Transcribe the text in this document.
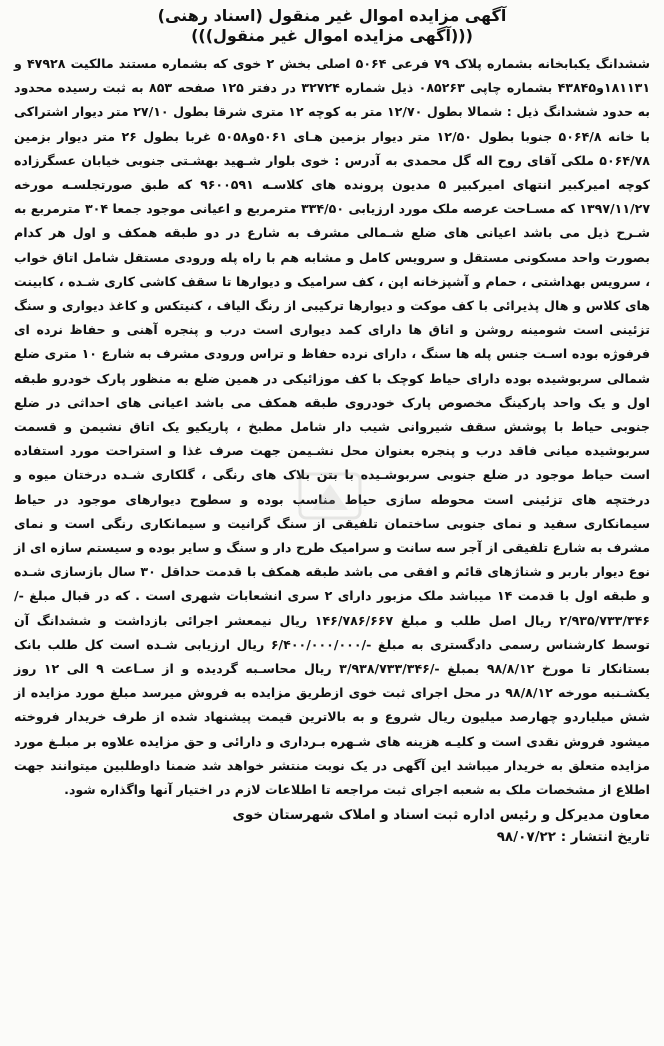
آگهی مزایده اموال غیر منقول (اسناد رهنی)
(((آگهی مزایده اموال غیر منقول)))

ششدانگ یکبابخانه بشماره پلاک ۷۹ فرعی ۵۰۶۴ اصلی بخش ۲ خوی که بشماره مستند مالکیت ۴۷۹۲۸ و ۱۸۱۱۳۱و۴۳۸۴۵ بشماره چاپی ۰۸۵۲۶۳ ذیل شماره ۳۲۷۲۴ در دفتر ۱۲۵ صفحه ۸۵۳ به ثبت رسیده محدود به حدود ششدانگ ذیل : شمالا بطول ۱۲/۷۰ متر به کوچه ۱۲ متری شرقا بطول ۲۷/۱۰ متر دیوار اشتراکی با خانه ۵۰۶۴/۸ جنوبا بطول ۱۲/۵۰ متر دیوار بزمین هـای ۵۰۶۱و۵۰۵۸ غربا بطول ۲۶ متر دیوار بزمین ۵۰۶۴/۷۸ ملکی آقای روح اله گل محمدی به آدرس : خوی بلوار شـهید بهشـتی جنوبی خیابان عسگرزاده کوچه امیرکبیر انتهای امیرکبیر ۵ مدیون پرونده های کلاسـه ۹۶۰۰۵۹۱ که طبق صورتجلسـه مورخه ۱۳۹۷/۱۱/۲۷ که مسـاحت عرصه ملک مورد ارزیابی ۳۳۴/۵۰ مترمربع و اعیانی موجود جمعا ۳۰۴ مترمربع به شـرح ذیل می باشد اعیانی های ضلع شـمالی مشرف به شارع در دو طبقه همکف و اول هر کدام بصورت واحد مسکونی مستقل و سرویس کامل و مشابه هم با راه پله ورودی مستقل شامل اتاق خواب ، سرویس بهداشتی ، حمام و آشپزخانه اپن ، کف سرامیک و دیوارها تا سقف کاشی کاری شـده ، کابینت های کلاس و هال پذیرائی با کف موکت و دیوارها ترکیبی از رنگ الیاف ، کنیتکس و کاغذ دیواری و سنگ تزئینی است شومینه روشن و اتاق ها دارای کمد دیواری است درب و پنجره آهنی و حفاظ نرده ای فرفوژه بوده اسـت جنس پله ها سنگ ، دارای نرده حفاظ و تراس ورودی مشرف به شارع ۱۰ متری ضلع شمالی سربوشیده بوده دارای حیاط کوچک با کف موزائیکی در همین ضلع به منظور پارک خودرو طبقه اول و یک واحد پارکینگ مخصوص پارک خودروی طبقه همکف می باشد اعیانی های احداثی در ضلع جنوبی حیاط با پوشش سقف شیروانی شیب دار شامل مطبخ ، پاریکیو یک اتاق نشیمن و قسمت سربوشیده میانی فاقد درب و پنجره بعنوان محل نشـیمن جهت صرف غذا و استراحت مورد استفاده است حیاط موجود در ضلع جنوبی سربوشـیده با بتن بلاک های رنگی ، گلکاری شـده درختان میوه و درختچه های تزئینی است محوطه سازی حیاط مناسب بوده و سطوح دیوارهای موجود در حیاط سیمانکاری سفید و نمای جنوبی ساختمان تلفیقی از سنگ گرانیت و سیمانکاری رنگی است و نمای مشرف به شارع تلفیقی از آجر سه سانت و سرامیک طرح دار و سنگ و سایر بوده و سیستم سازه ای از نوع دیوار باربر و شناژهای قائم و افقی می باشد طبقه همکف با قدمت حداقل ۳۰ سال بازسازی شـده و طبقه اول با قدمت ۱۴ میباشد ملک مزبور دارای ۲ سری انشعابات شهری است . که در قبال مبلغ -/۲/۹۳۵/۷۳۳/۳۴۶ ریال اصل طلب و مبلغ ۱۴۶/۷۸۶/۶۶۷ ریال نیمعشر اجرائی بازداشت و ششدانگ آن توسط کارشناس رسمی دادگستری به مبلغ -/۶/۴۰۰/۰۰۰/۰۰۰ ریال ارزیابی شـده است کل طلب بانک بستانکار تا مورخ ۹۸/۸/۱۲ بمبلغ -/۳/۹۳۸/۷۳۳/۳۴۶ ریال محاسـبه گردیده و از سـاعت ۹ الی ۱۲ روز یکشـنبه مورخه ۹۸/۸/۱۲ در محل اجرای ثبت خوی ازطریق مزایده به فروش میرسد مبلغ مورد مزایده از شش میلیاردو چهارصد میلیون ریال شروع و به بالاترین قیمت پیشنهاد شده از طرف خریدار فروخته میشود فروش نقدی است و کلیـه هزینه های شـهره بـرداری و دارائی و حق مزایده علاوه بر مبلـغ مورد مزایده متعلق به خریدار میباشد این آگهی در یک نوبت منتشر خواهد شد ضمنا داوطلبین میتوانند جهت اطلاع از مشخصات ملک به شعبه اجرای ثبت مراجعه تا اطلاعات لازم در اختیار آنها واگذاره شود.

معاون مدیرکل و رئیس اداره ثبت اسناد و املاک شهرستان خوی
تاریخ انتشار : ۹۸/۰۷/۲۲
